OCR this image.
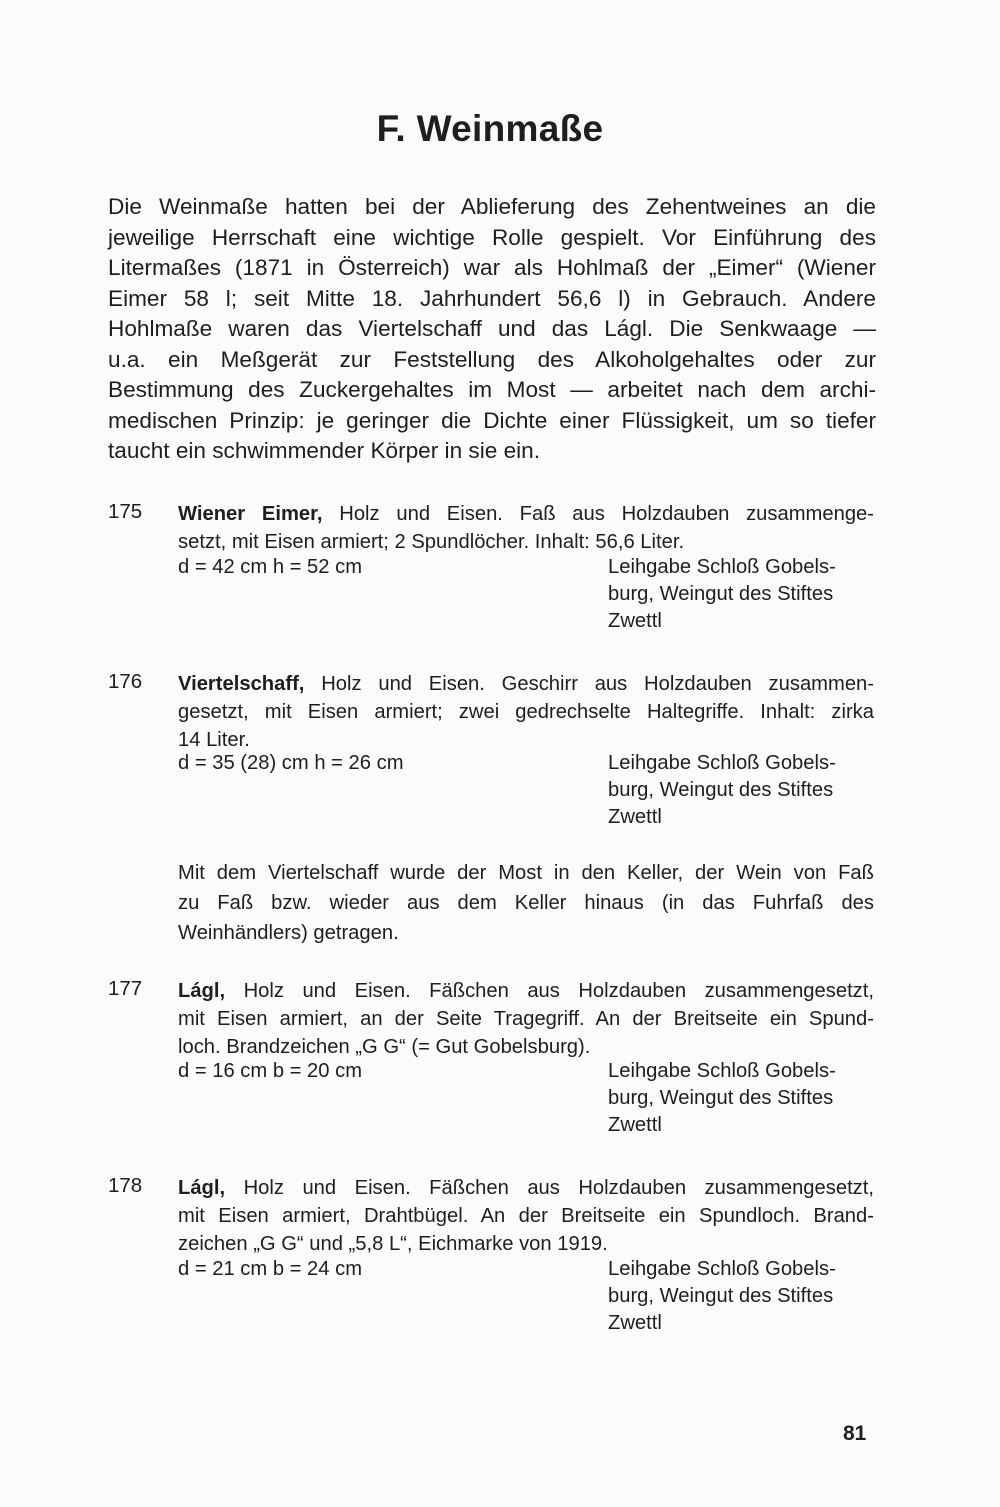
F. Weinmaße
Die Weinmaße hatten bei der Ablieferung des Zehentweines an die
jeweilige Herrschaft eine wichtige Rolle gespielt. Vor Einführung des
Litermaßes (1871 in Österreich) war als Hohlmaß der „Eimer“ (Wiener
Eimer 58 l; seit Mitte 18. Jahrhundert 56,6 l) in Gebrauch. Andere
Hohlmaße waren das Viertelschaff und das Lágl. Die Senkwaage —
u.a. ein Meßgerät zur Feststellung des Alkoholgehaltes oder zur
Bestimmung des Zuckergehaltes im Most — arbeitet nach dem archi-
medischen Prinzip: je geringer die Dichte einer Flüssigkeit, um so tiefer
taucht ein schwimmender Körper in sie ein.
175 Wiener Eimer, Holz und Eisen. Faß aus Holzdauben zusammenge-
setzt, mit Eisen armiert; 2 Spundlöcher. Inhalt: 56,6 Liter.
d = 42 cm h = 52 cm	Leihgabe Schloß Gobels-
burg, Weingut des Stiftes
Zwettl
176 Viertelschaff, Holz und Eisen. Geschirr aus Holzdauben zusammen-
gesetzt, mit Eisen armiert; zwei gedrechselte Haltegriffe. Inhalt: zirka
14 Liter.
d = 35 (28) cm h = 26 cm	Leihgabe Schloß Gobels-
burg, Weingut des Stiftes
Zwettl
Mit dem Viertelschaff wurde der Most in den Keller, der Wein von Faß
zu Faß bzw. wieder aus dem Keller hinaus (in das Fuhrfaß des
Weinhändlers) getragen.
177 Lágl, Holz und Eisen. Fäßchen aus Holzdauben zusammengesetzt,
mit Eisen armiert, an der Seite Tragegriff. An der Breitseite ein Spund-
loch. Brandzeichen „G G“ (= Gut Gobelsburg).
d = 16 cm b = 20 cm	Leihgabe Schloß Gobels-
burg, Weingut des Stiftes
Zwettl
178 Lágl, Holz und Eisen. Fäßchen aus Holzdauben zusammengesetzt,
mit Eisen armiert, Drahtbügel. An der Breitseite ein Spundloch. Brand-
zeichen „G G“ und „5,8 L“, Eichmarke von 1919.
d = 21 cm b = 24 cm	Leihgabe Schloß Gobels-
burg, Weingut des Stiftes
Zwettl
81
